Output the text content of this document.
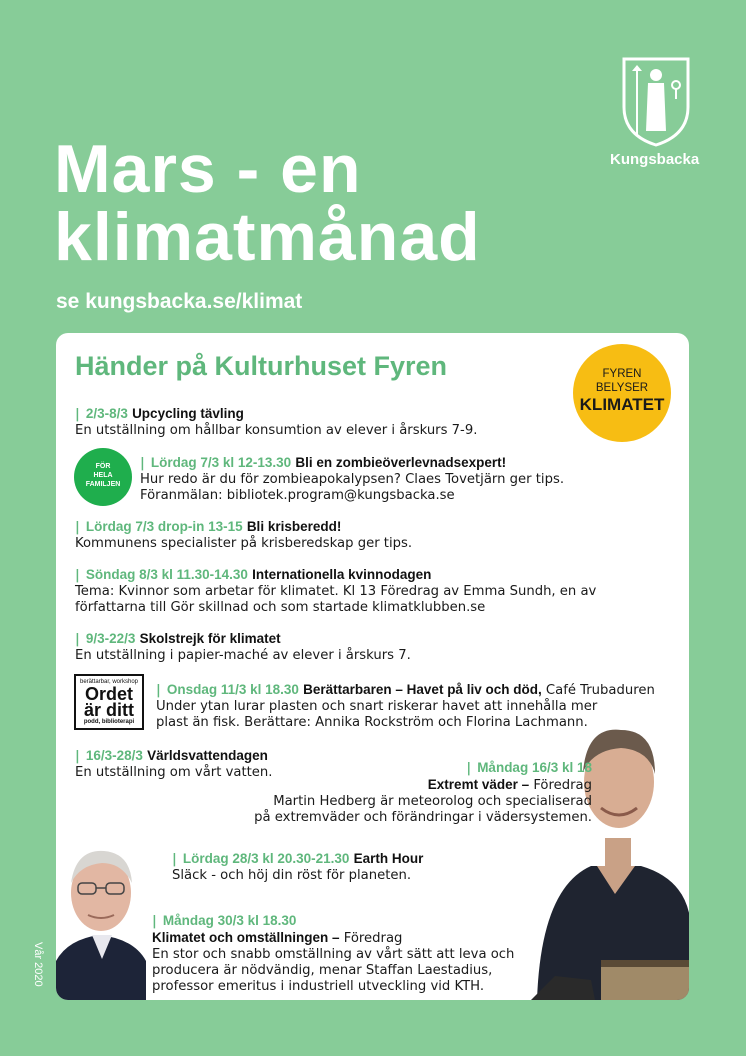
Mars - en
klimatmånad
se kungsbacka.se/klimat
Kungsbacka
Händer på Kulturhuset Fyren	FYREN
BELYSER
KLIMATET
| 2/3-8/3 Upcycling tävling
En utställning om hållbar konsumtion av elever i årskurs 7-9.
FÖR
HELA
FAMILJEN
| Lördag 7/3 kl 12-13.30 Bli en zombieöverlevnadsexpert!
Hur redo är du för zombieapokalypsen? Claes Tovetjärn ger tips.
Föranmälan: bibliotek.program@kungsbacka.se
| Lördag 7/3 drop-in 13-15 Bli krisberedd!
Kommunens specialister på krisberedskap ger tips.
| Söndag 8/3 kl 11.30-14.30 Internationella kvinnodagen
Tema: Kvinnor som arbetar för klimatet. Kl 13 Föredrag av Emma Sundh, en av
författarna till Gör skillnad och som startade klimatklubben.se
| 9/3-22/3 Skolstrejk för klimatet
En utställning i papier-maché av elever i årskurs 7.
berättarbar, workshop
Ordet
är ditt
podd, biblioterapi
| Onsdag 11/3 kl 18.30 Berättarbaren – Havet på liv och död, Café Trubaduren
Under ytan lurar plasten och snart riskerar havet att innehålla mer
plast än fisk. Berättare: Annika Rockström och Florina Lachmann.
| 16/3-28/3 Världsvattendagen
En utställning om vårt vatten.	| Måndag 16/3 kl 18
Extremt väder – Föredrag
Martin Hedberg är meteorolog och specialiserad
på extremväder och förändringar i vädersystemen.
| Lördag 28/3 kl 20.30-21.30 Earth Hour
Släck - och höj din röst för planeten.
| Måndag 30/3 kl 18.30
Klimatet och omställningen – Föredrag
En stor och snabb omställning av vårt sätt att leva och
producera är nödvändig, menar Staffan Laestadius,
professor emeritus i industriell utveckling vid KTH.
Vår 2020
